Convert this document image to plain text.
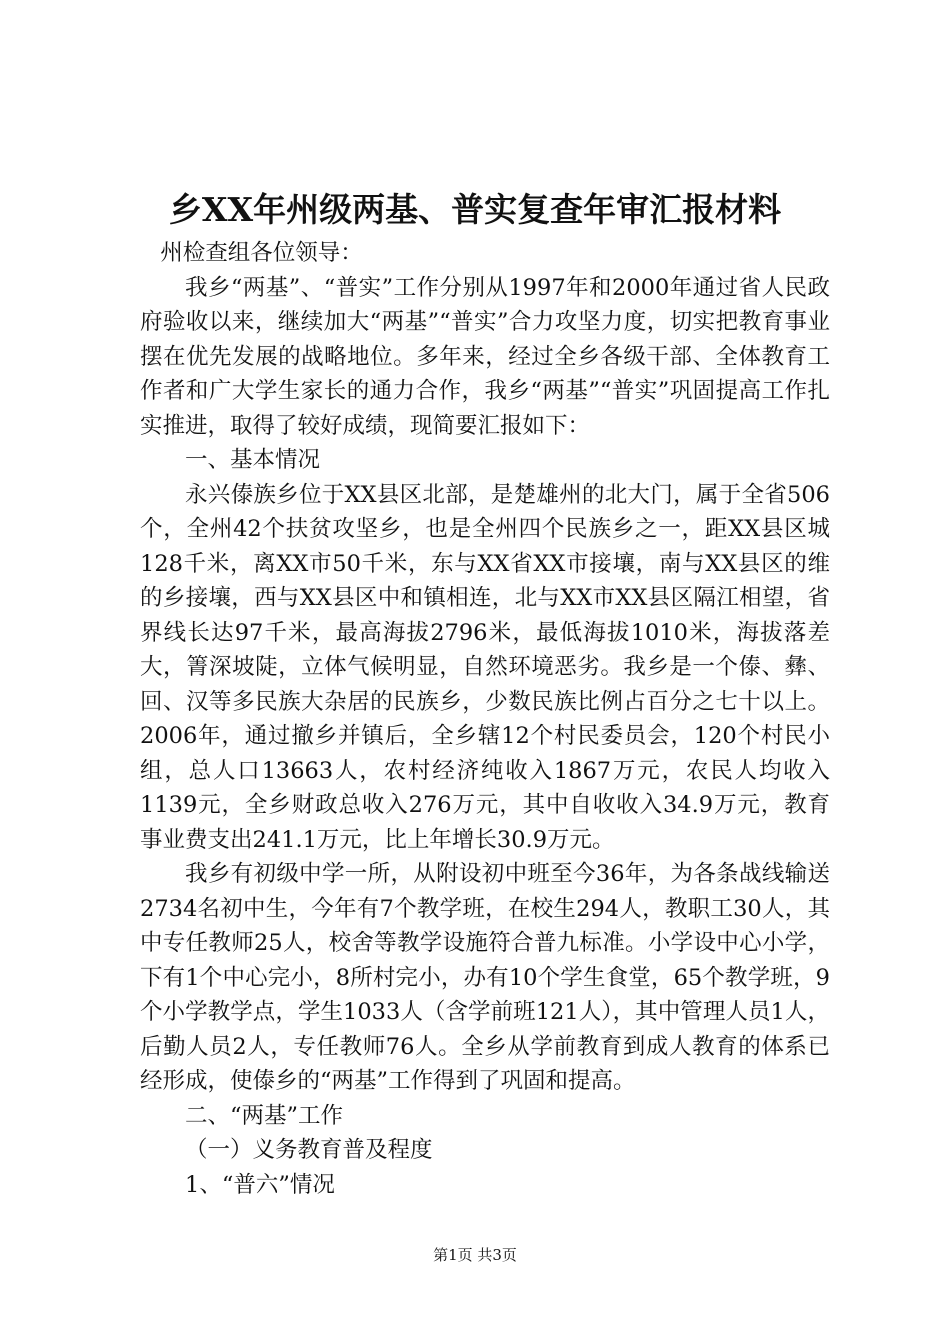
乡XX年州级两基、普实复查年审汇报材料

州检查组各位领导：

我乡“两基”、“普实”工作分别从1997年和2000年通过省人民政府验收以来，继续加大“两基”“普实”合力攻坚力度，切实把教育事业摆在优先发展的战略地位。多年来，经过全乡各级干部、全体教育工作者和广大学生家长的通力合作，我乡“两基”“普实”巩固提高工作扎实推进，取得了较好成绩，现简要汇报如下：

一、基本情况

永兴傣族乡位于XX县区北部，是楚雄州的北大门，属于全省506个，全州42个扶贫攻坚乡，也是全州四个民族乡之一，距XX县区城128千米，离XX市50千米，东与XX省XX市接壤，南与XX县区的维的乡接壤，西与XX县区中和镇相连，北与XX市XX县区隔江相望，省界线长达97千米，最高海拔2796米，最低海拔1010米，海拔落差大，箐深坡陡，立体气候明显，自然环境恶劣。我乡是一个傣、彝、回、汉等多民族大杂居的民族乡，少数民族比例占百分之七十以上。2006年，通过撤乡并镇后，全乡辖12个村民委员会，120个村民小组，总人口13663人，农村经济纯收入1867万元，农民人均收入1139元，全乡财政总收入276万元，其中自收收入34.9万元，教育事业费支出241.1万元，比上年增长30.9万元。

我乡有初级中学一所，从附设初中班至今36年，为各条战线输送2734名初中生，今年有7个教学班，在校生294人，教职工30人，其中专任教师25人，校舍等教学设施符合普九标准。小学设中心小学，下有1个中心完小，8所村完小，办有10个学生食堂，65个教学班，9个小学教学点，学生1033人（含学前班121人），其中管理人员1人，后勤人员2人，专任教师76人。全乡从学前教育到成人教育的体系已经形成，使傣乡的“两基”工作得到了巩固和提高。

二、“两基”工作

（一）义务教育普及程度

1、“普六”情况

第1页 共3页
